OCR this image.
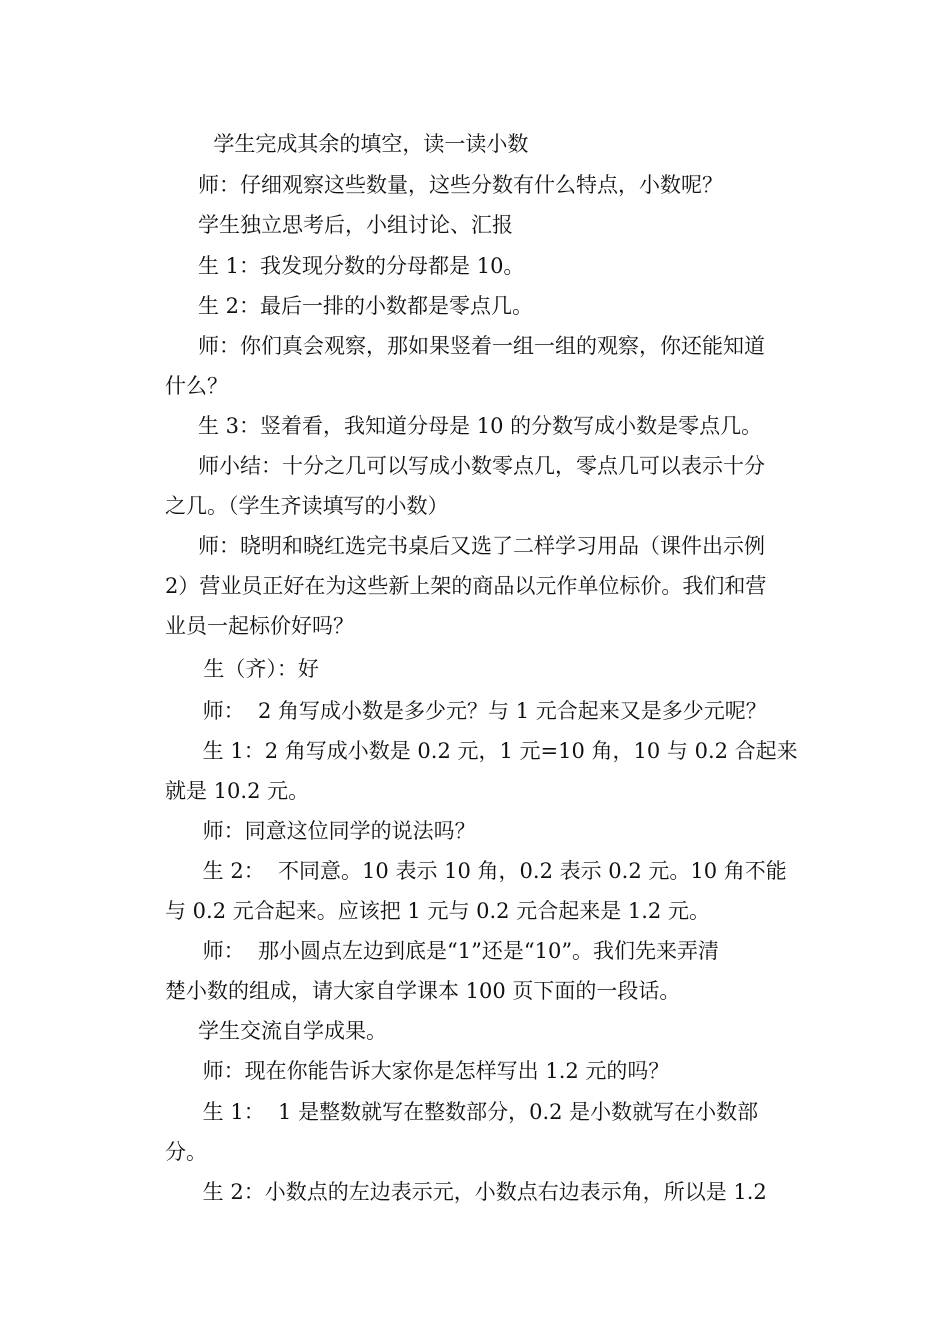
学生完成其余的填空，读一读小数
师：仔细观察这些数量，这些分数有什么特点，小数呢？
学生独立思考后，小组讨论、汇报
生 1：我发现分数的分母都是 10。
生 2：最后一排的小数都是零点几。
师：你们真会观察，那如果竖着一组一组的观察，你还能知道
什么？
生 3：竖着看，我知道分母是 10 的分数写成小数是零点几。
师小结：十分之几可以写成小数零点几，零点几可以表示十分
之几。（学生齐读填写的小数）
师：晓明和晓红选完书桌后又选了二样学习用品（课件出示例
2）营业员正好在为这些新上架的商品以元作单位标价。我们和营
业员一起标价好吗？
生（齐）：好
师：  2 角写成小数是多少元？与 1 元合起来又是多少元呢？
生 1：2 角写成小数是 0.2 元，1 元=10 角，10 与 0.2 合起来
就是 10.2 元。
师：同意这位同学的说法吗？
生 2：  不同意。10 表示 10 角，0.2 表示 0.2 元。10 角不能
与 0.2 元合起来。应该把 1 元与 0.2 元合起来是 1.2 元。
师：  那小圆点左边到底是“1”还是“10”。我们先来弄清
楚小数的组成，请大家自学课本 100 页下面的一段话。
学生交流自学成果。
师：现在你能告诉大家你是怎样写出 1.2 元的吗？
生 1：  1 是整数就写在整数部分，0.2 是小数就写在小数部
分。
生 2：小数点的左边表示元，小数点右边表示角，所以是 1.2
